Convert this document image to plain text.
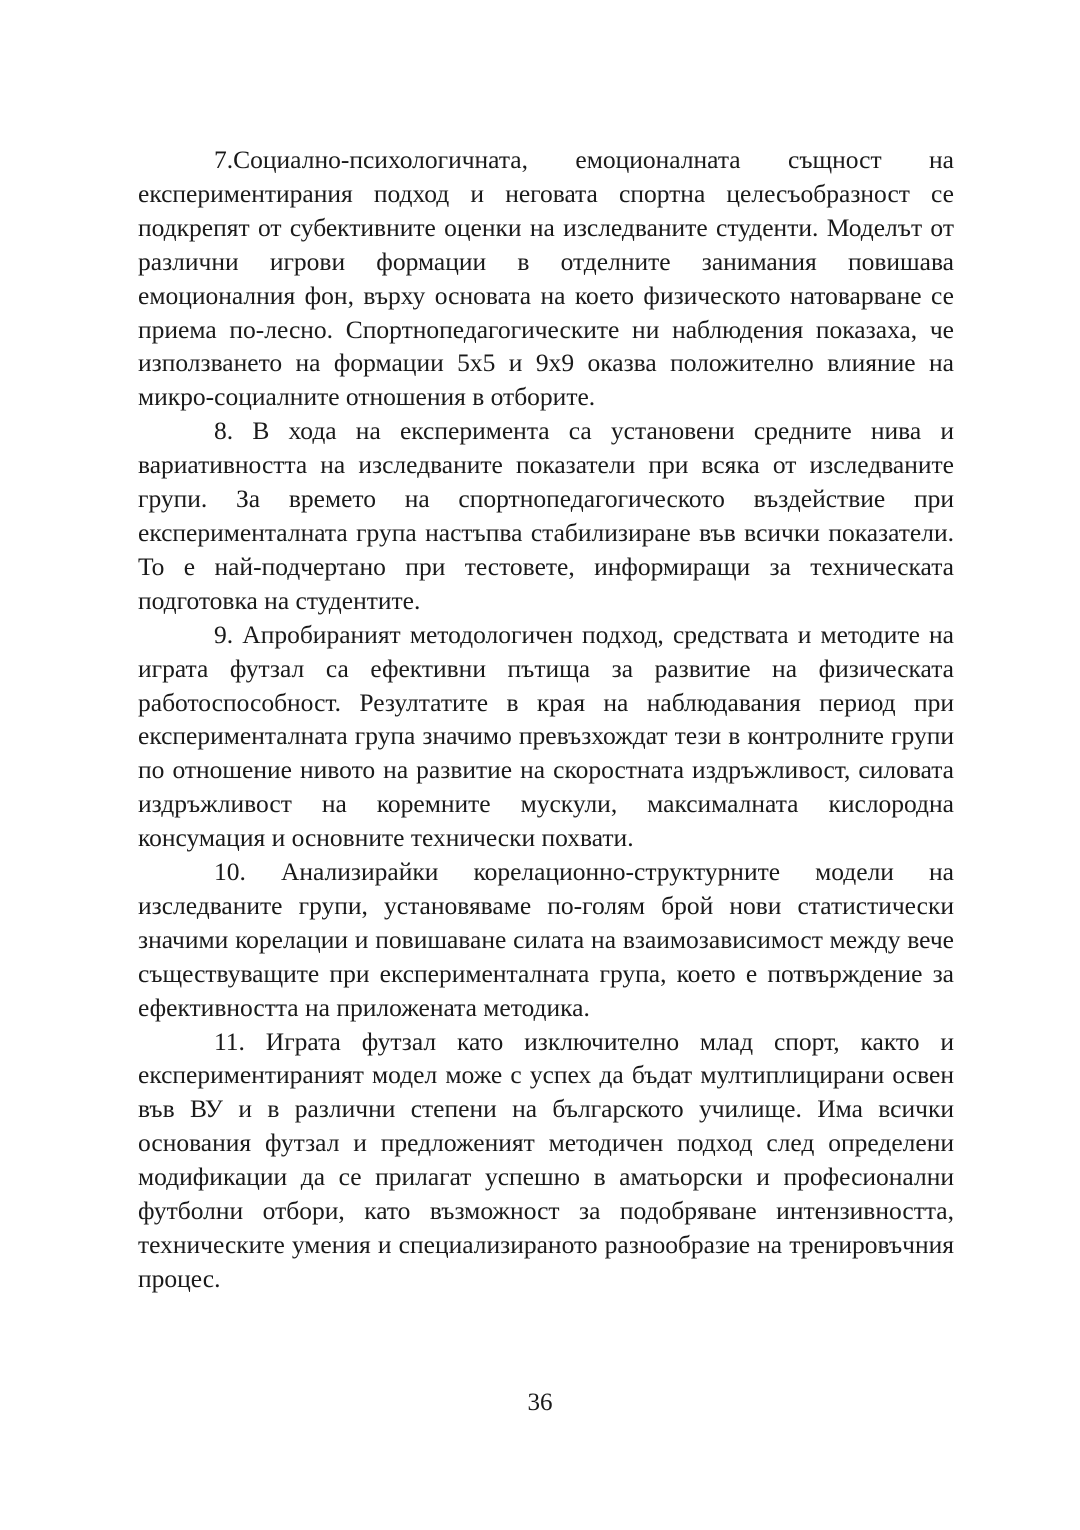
7.Социално-психологичната, емоционалната същност на експериментирания подход и неговата спортна целесъобразност се подкрепят от субективните оценки на изследваните студенти. Моделът от различни игрови формации в отделните занимания повишава емоционалния фон, върху основата на което физическото натоварване се приема по-лесно. Спортнопедагогическите ни наблюдения показаха, че използването на формации 5х5 и 9х9 оказва положително влияние на микро-социалните отношения в отборите.

8. В хода на експеримента са установени средните нива и вариативността на изследваните показатели при всяка от изследваните групи. За времето на спортнопедагогическото въздействие при експерименталната група настъпва стабилизиране във всички показатели. То е най-подчертано при тестовете, информиращи за техническата подготовка на студентите.

9. Апробираният методологичен подход, средствата и методите на играта футзал са ефективни пътища за развитие на физическата работоспособност. Резултатите в края на наблюдавания период при експерименталната група значимо превъзхождат тези в контролните групи по отношение нивото на развитие на скоростната издръжливост, силовата издръжливост на коремните мускули, максималната кислородна консумация и основните технически похвати.

10. Анализирайки корелационно-структурните модели на изследваните групи, установяваме по-голям брой нови статистически значими корелации и повишаване силата на взаимозависимост между вече съществуващите при експерименталната група, което е потвърждение за ефективността на приложената методика.

11. Играта футзал като изключително млад спорт, както и експериментираният модел може с успех да бъдат мултиплицирани освен във ВУ и в различни степени на българското училище. Има всички основания футзал и предложеният методичен подход след определени модификации да се прилагат успешно в аматьорски и професионални футболни отбори, като възможност за подобряване интензивността, техническите умения и специализираното разнообразие на тренировъчния процес.

36
